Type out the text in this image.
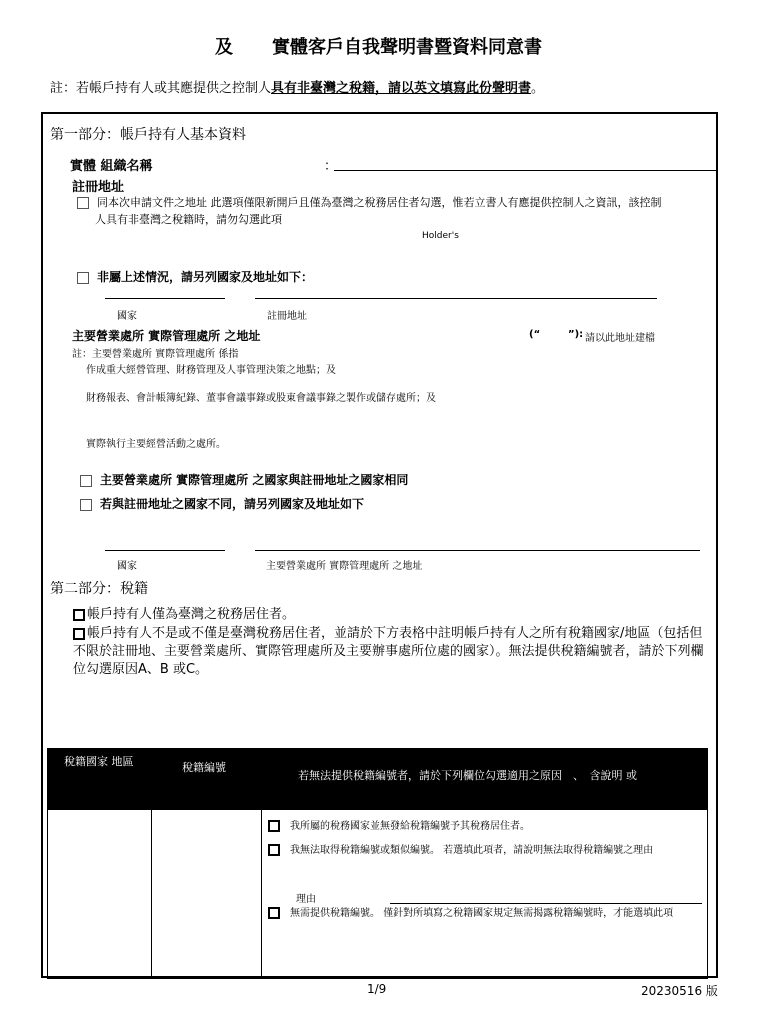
及 實體客戶自我聲明書暨資料同意書
註：若帳戶持有人或其應提供之控制人具有非臺灣之稅籍，請以英文填寫此份聲明書。
第一部分：帳戶持有人基本資料
實體 組織名稱	：
註冊地址
同本次申請文件之地址 此選項僅限新開戶且僅為臺灣之稅務居住者勾選，惟若立書人有應提供控制人之資訊，該控制
人具有非臺灣之稅籍時，請勿勾選此項
Holder's
非屬上述情況，請另列國家及地址如下：
國家	註冊地址
主要營業處所 實際管理處所 之地址	(“	”): 請以此地址建檔
註：主要營業處所 實際管理處所 係指
作成重大經營管理、財務管理及人事管理決策之地點；及
財務報表、會計帳簿紀錄、董事會議事錄或股東會議事錄之製作或儲存處所；及
實際執行主要經營活動之處所。
主要營業處所 實際管理處所 之國家與註冊地址之國家相同
若與註冊地址之國家不同，請另列國家及地址如下
國家	主要營業處所 實際管理處所 之地址
第二部分：稅籍
帳戶持有人僅為臺灣之稅務居住者。
帳戶持有人不是或不僅是臺灣稅務居住者，並請於下方表格中註明帳戶持有人之所有稅籍國家/地區（包括但不限於註冊地、主要營業處所、實際管理處所及主要辦事處所位處的國家）。無法提供稅籍編號者，請於下列欄位勾選原因A、B 或C。
稅籍國家 地區	稅籍編號	若無法提供稅籍編號者，請於下列欄位勾選適用之原因　、　含說明 或

		我所屬的稅務國家並無發給稅籍編號予其稅務居住者。
我無法取得稅籍編號或類似編號。 若選填此項者，請說明無法取得稅籍編號之理由
理由
無需提供稅籍編號。 僅針對所填寫之稅籍國家規定無需揭露稅籍編號時，才能選填此項
1/9	20230516 版
